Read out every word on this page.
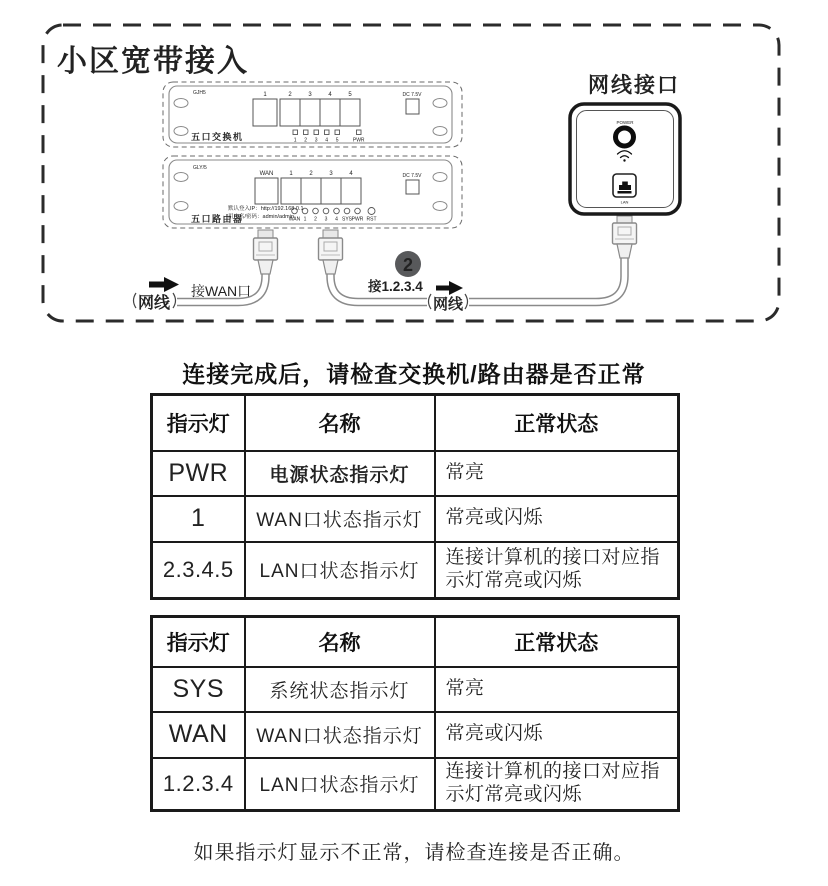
小区宽带接入
GJH5	1	2	3	4	5
1 2 3 4 5	PWR
DC 7.5V
五口交换机
GLY/5
WAN	1	2	3	4
WAN 1 2 3 4 SYS PWR RST
DC 7.5V
默认登入IP：http://192.168.0.1
用户名/密码：admin/admin
五口路由器
网线
接WAN口
2
接1.2.3.4
网线
网线接口
POWER
LAN
连接完成后，请检查交换机/路由器是否正常
指示灯	名称	正常状态
PWR	电源状态指示灯	常亮
1	WAN口状态指示灯	常亮或闪烁
2.3.4.5	LAN口状态指示灯	连接计算机的接口对应指示灯常亮或闪烁
指示灯	名称	正常状态
SYS	系统状态指示灯	常亮
WAN	WAN口状态指示灯	常亮或闪烁
1.2.3.4	LAN口状态指示灯	连接计算机的接口对应指示灯常亮或闪烁
如果指示灯显示不正常，请检查连接是否正确。
